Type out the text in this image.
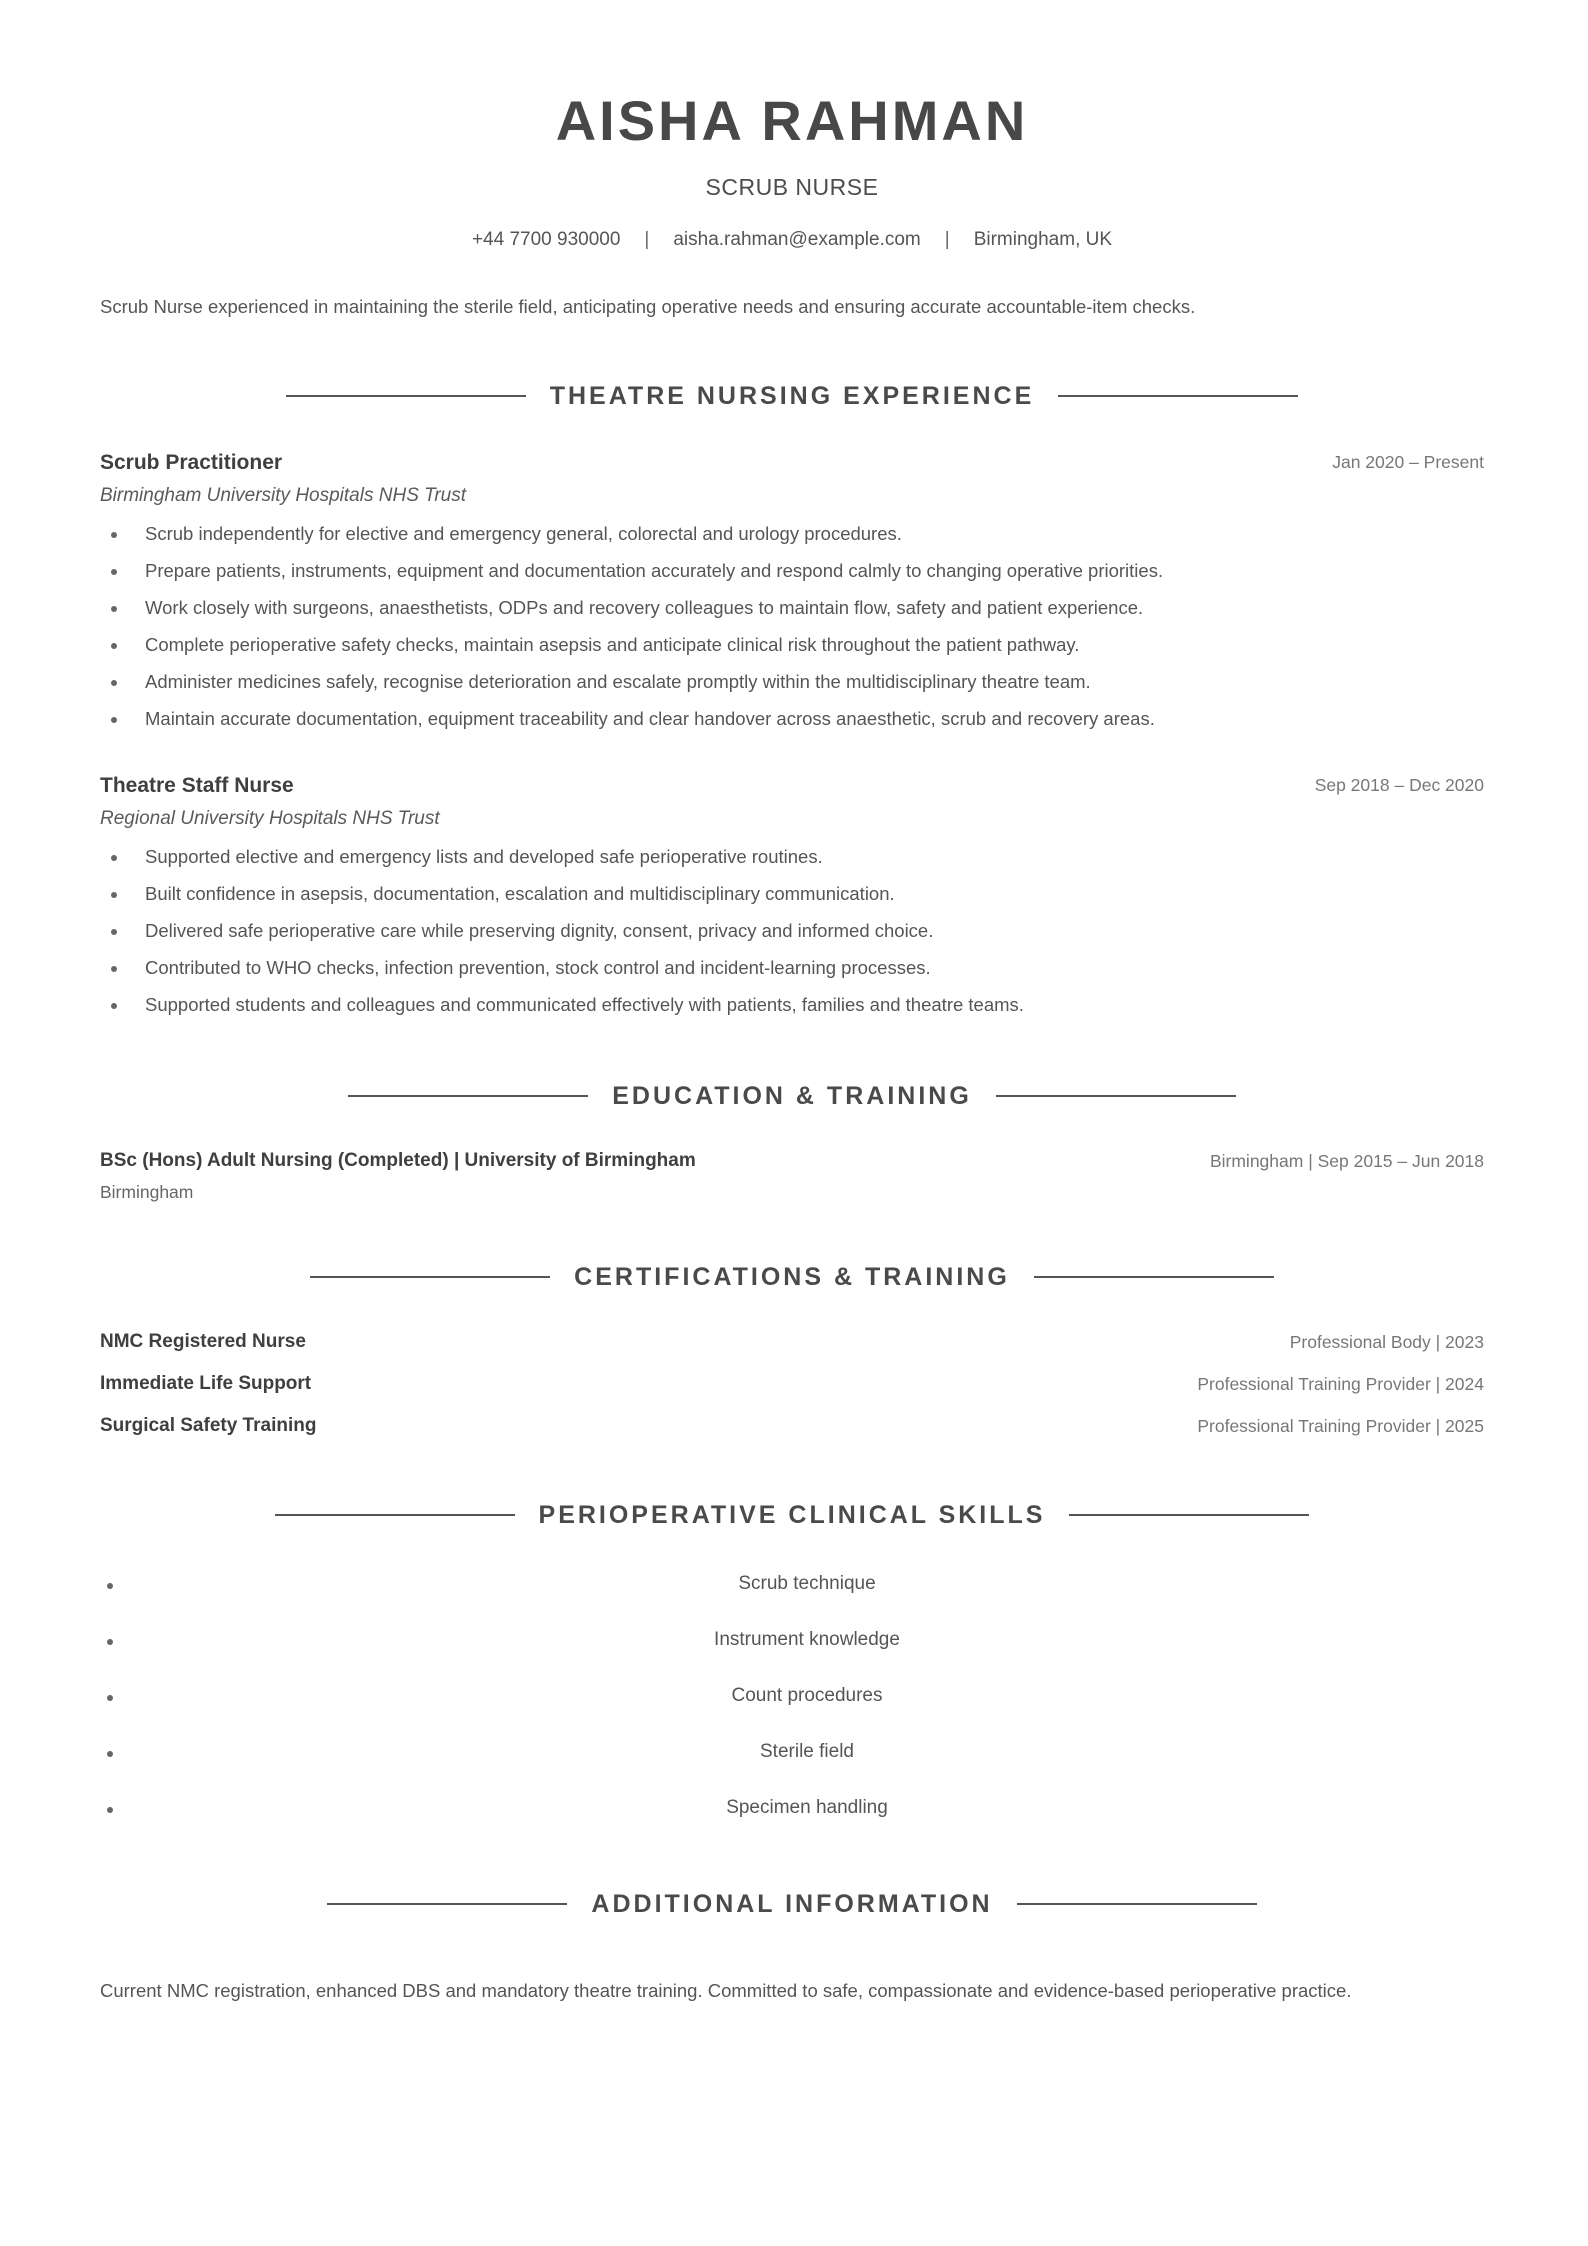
AISHA RAHMAN
SCRUB NURSE
+44 7700 930000 | aisha.rahman@example.com | Birmingham, UK
Scrub Nurse experienced in maintaining the sterile field, anticipating operative needs and ensuring accurate accountable-item checks.
THEATRE NURSING EXPERIENCE
Scrub Practitioner	Jan 2020 – Present
Birmingham University Hospitals NHS Trust
Scrub independently for elective and emergency general, colorectal and urology procedures.
Prepare patients, instruments, equipment and documentation accurately and respond calmly to changing operative priorities.
Work closely with surgeons, anaesthetists, ODPs and recovery colleagues to maintain flow, safety and patient experience.
Complete perioperative safety checks, maintain asepsis and anticipate clinical risk throughout the patient pathway.
Administer medicines safely, recognise deterioration and escalate promptly within the multidisciplinary theatre team.
Maintain accurate documentation, equipment traceability and clear handover across anaesthetic, scrub and recovery areas.
Theatre Staff Nurse	Sep 2018 – Dec 2020
Regional University Hospitals NHS Trust
Supported elective and emergency lists and developed safe perioperative routines.
Built confidence in asepsis, documentation, escalation and multidisciplinary communication.
Delivered safe perioperative care while preserving dignity, consent, privacy and informed choice.
Contributed to WHO checks, infection prevention, stock control and incident-learning processes.
Supported students and colleagues and communicated effectively with patients, families and theatre teams.
EDUCATION & TRAINING
BSc (Hons) Adult Nursing (Completed) | University of Birmingham	Birmingham | Sep 2015 – Jun 2018
Birmingham
CERTIFICATIONS & TRAINING
NMC Registered Nurse	Professional Body | 2023
Immediate Life Support	Professional Training Provider | 2024
Surgical Safety Training	Professional Training Provider | 2025
PERIOPERATIVE CLINICAL SKILLS
Scrub technique
Instrument knowledge
Count procedures
Sterile field
Specimen handling
ADDITIONAL INFORMATION
Current NMC registration, enhanced DBS and mandatory theatre training. Committed to safe, compassionate and evidence-based perioperative practice.
